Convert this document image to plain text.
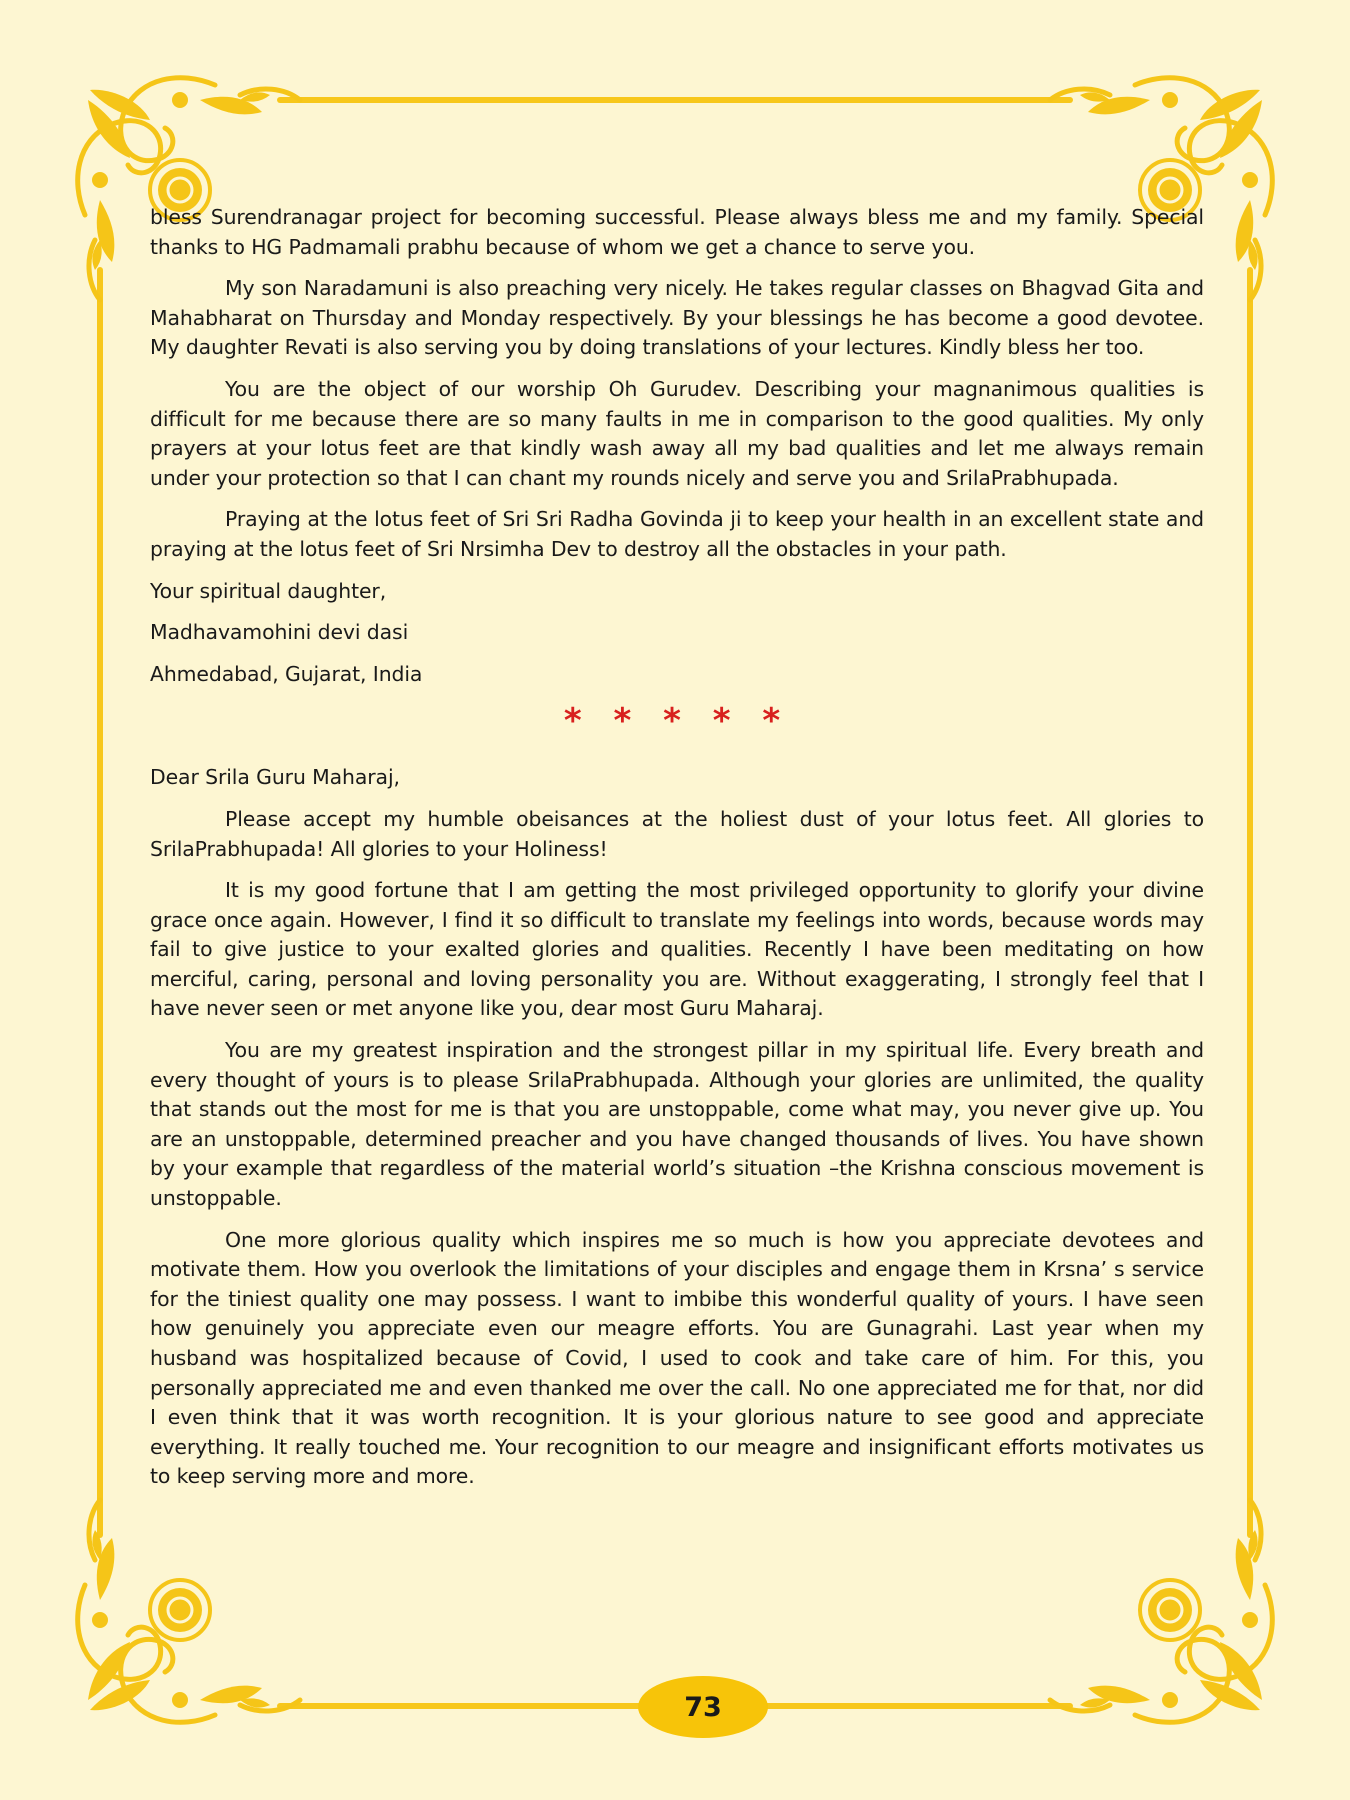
bless Surendranagar project for becoming successful. Please always bless me and my family. Special thanks to HG Padmamali prabhu because of whom we get a chance to serve you.

My son Naradamuni is also preaching very nicely. He takes regular classes on Bhagvad Gita and Mahabharat on Thursday and Monday respectively. By your blessings he has become a good devotee. My daughter Revati is also serving you by doing translations of your lectures. Kindly bless her too.

You are the object of our worship Oh Gurudev. Describing your magnanimous qualities is difficult for me because there are so many faults in me in comparison to the good qualities. My only prayers at your lotus feet are that kindly wash away all my bad qualities and let me always remain under your protection so that I can chant my rounds nicely and serve you and SrilaPrabhupada.

Praying at the lotus feet of Sri Sri Radha Govinda ji to keep your health in an excellent state and praying at the lotus feet of Sri Nrsimha Dev to destroy all the obstacles in your path.

Your spiritual daughter,

Madhavamohini devi dasi

Ahmedabad, Gujarat, India

* * * * *

Dear Srila Guru Maharaj,

Please accept my humble obeisances at the holiest dust of your lotus feet. All glories to SrilaPrabhupada! All glories to your Holiness!

It is my good fortune that I am getting the most privileged opportunity to glorify your divine grace once again. However, I find it so difficult to translate my feelings into words, because words may fail to give justice to your exalted glories and qualities. Recently I have been meditating on how merciful, caring, personal and loving personality you are. Without exaggerating, I strongly feel that I have never seen or met anyone like you, dear most Guru Maharaj.

You are my greatest inspiration and the strongest pillar in my spiritual life. Every breath and every thought of yours is to please SrilaPrabhupada. Although your glories are unlimited, the quality that stands out the most for me is that you are unstoppable, come what may, you never give up. You are an unstoppable, determined preacher and you have changed thousands of lives. You have shown by your example that regardless of the material world’s situation –the Krishna conscious movement is unstoppable.

One more glorious quality which inspires me so much is how you appreciate devotees and motivate them. How you overlook the limitations of your disciples and engage them in Krsna’ s service for the tiniest quality one may possess. I want to imbibe this wonderful quality of yours. I have seen how genuinely you appreciate even our meagre efforts. You are Gunagrahi. Last year when my husband was hospitalized because of Covid, I used to cook and take care of him. For this, you personally appreciated me and even thanked me over the call. No one appreciated me for that, nor did I even think that it was worth recognition. It is your glorious nature to see good and appreciate everything. It really touched me. Your recognition to our meagre and insignificant efforts motivates us to keep serving more and more.

73
